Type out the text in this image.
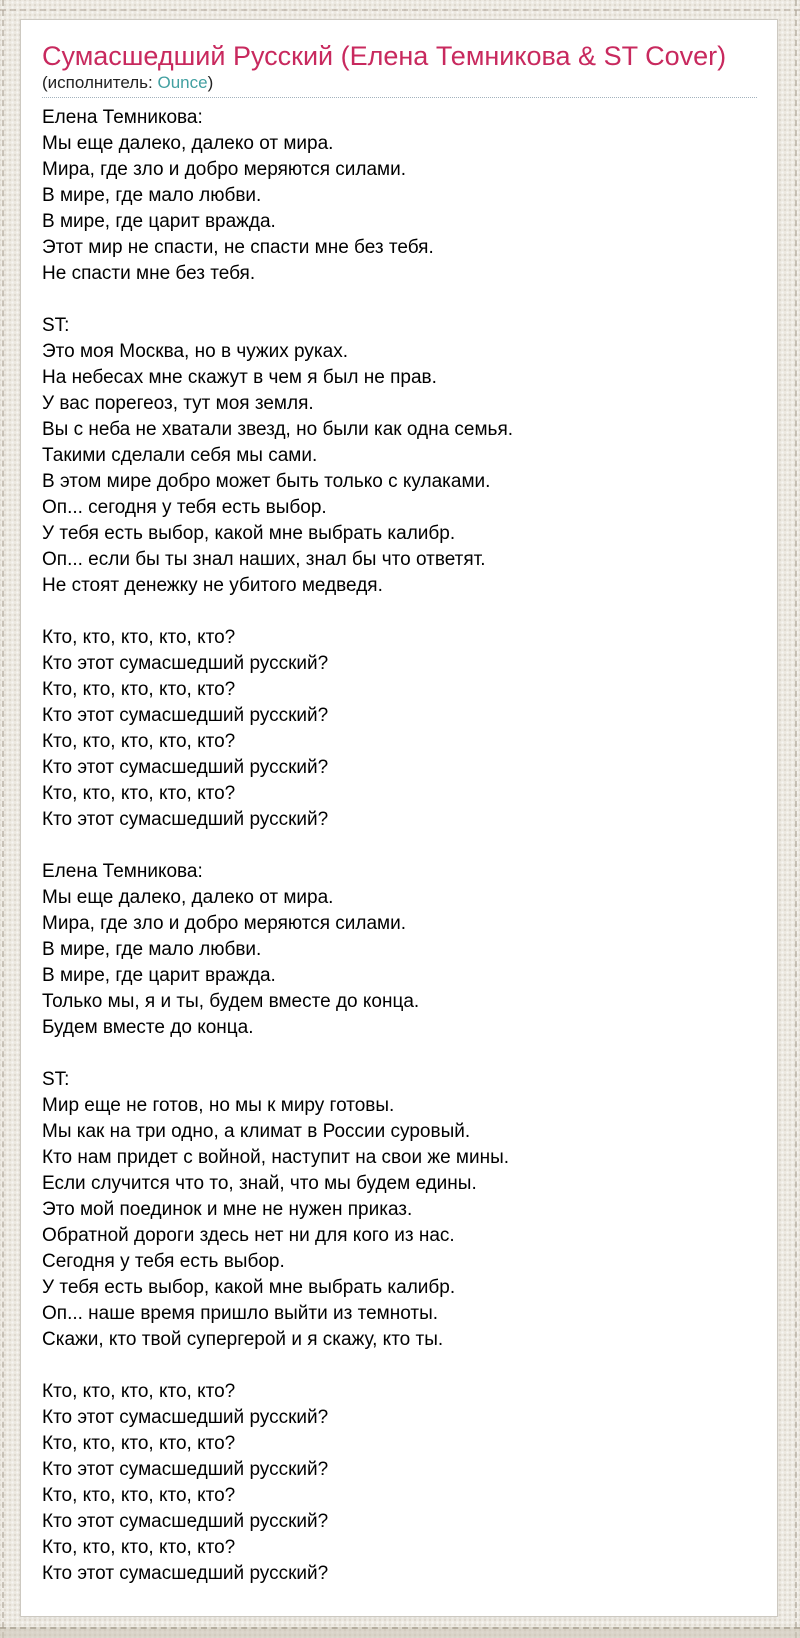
Сумасшедший Русский (Елена Темникова & ST Cover)
(исполнитель: Ounce)
Елена Темникова:
Мы еще далеко, далеко от мира.
Мира, где зло и добро меряются силами.
В мире, где мало любви.
В мире, где царит вражда.
Этот мир не спасти, не спасти мне без тебя.
Не спасти мне без тебя.
ST:
Это моя Москва, но в чужих руках.
На небесах мне скажут в чем я был не прав.
У вас порегеоз, тут моя земля.
Вы с неба не хватали звезд, но были как одна семья.
Такими сделали себя мы сами.
В этом мире добро может быть только с кулаками.
Оп... сегодня у тебя есть выбор.
У тебя есть выбор, какой мне выбрать калибр.
Оп... если бы ты знал наших, знал бы что ответят.
Не стоят денежку не убитого медведя.
Кто, кто, кто, кто, кто?
Кто этот сумасшедший русский?
Кто, кто, кто, кто, кто?
Кто этот сумасшедший русский?
Кто, кто, кто, кто, кто?
Кто этот сумасшедший русский?
Кто, кто, кто, кто, кто?
Кто этот сумасшедший русский?
Елена Темникова:
Мы еще далеко, далеко от мира.
Мира, где зло и добро меряются силами.
В мире, где мало любви.
В мире, где царит вражда.
Только мы, я и ты, будем вместе до конца.
Будем вместе до конца.
ST:
Мир еще не готов, но мы к миру готовы.
Мы как на три одно, а климат в России суровый.
Кто нам придет с войной, наступит на свои же мины.
Если случится что то, знай, что мы будем едины.
Это мой поединок и мне не нужен приказ.
Обратной дороги здесь нет ни для кого из нас.
Сегодня у тебя есть выбор.
У тебя есть выбор, какой мне выбрать калибр.
Оп... наше время пришло выйти из темноты.
Скажи, кто твой супергерой и я скажу, кто ты.
Кто, кто, кто, кто, кто?
Кто этот сумасшедший русский?
Кто, кто, кто, кто, кто?
Кто этот сумасшедший русский?
Кто, кто, кто, кто, кто?
Кто этот сумасшедший русский?
Кто, кто, кто, кто, кто?
Кто этот сумасшедший русский?
